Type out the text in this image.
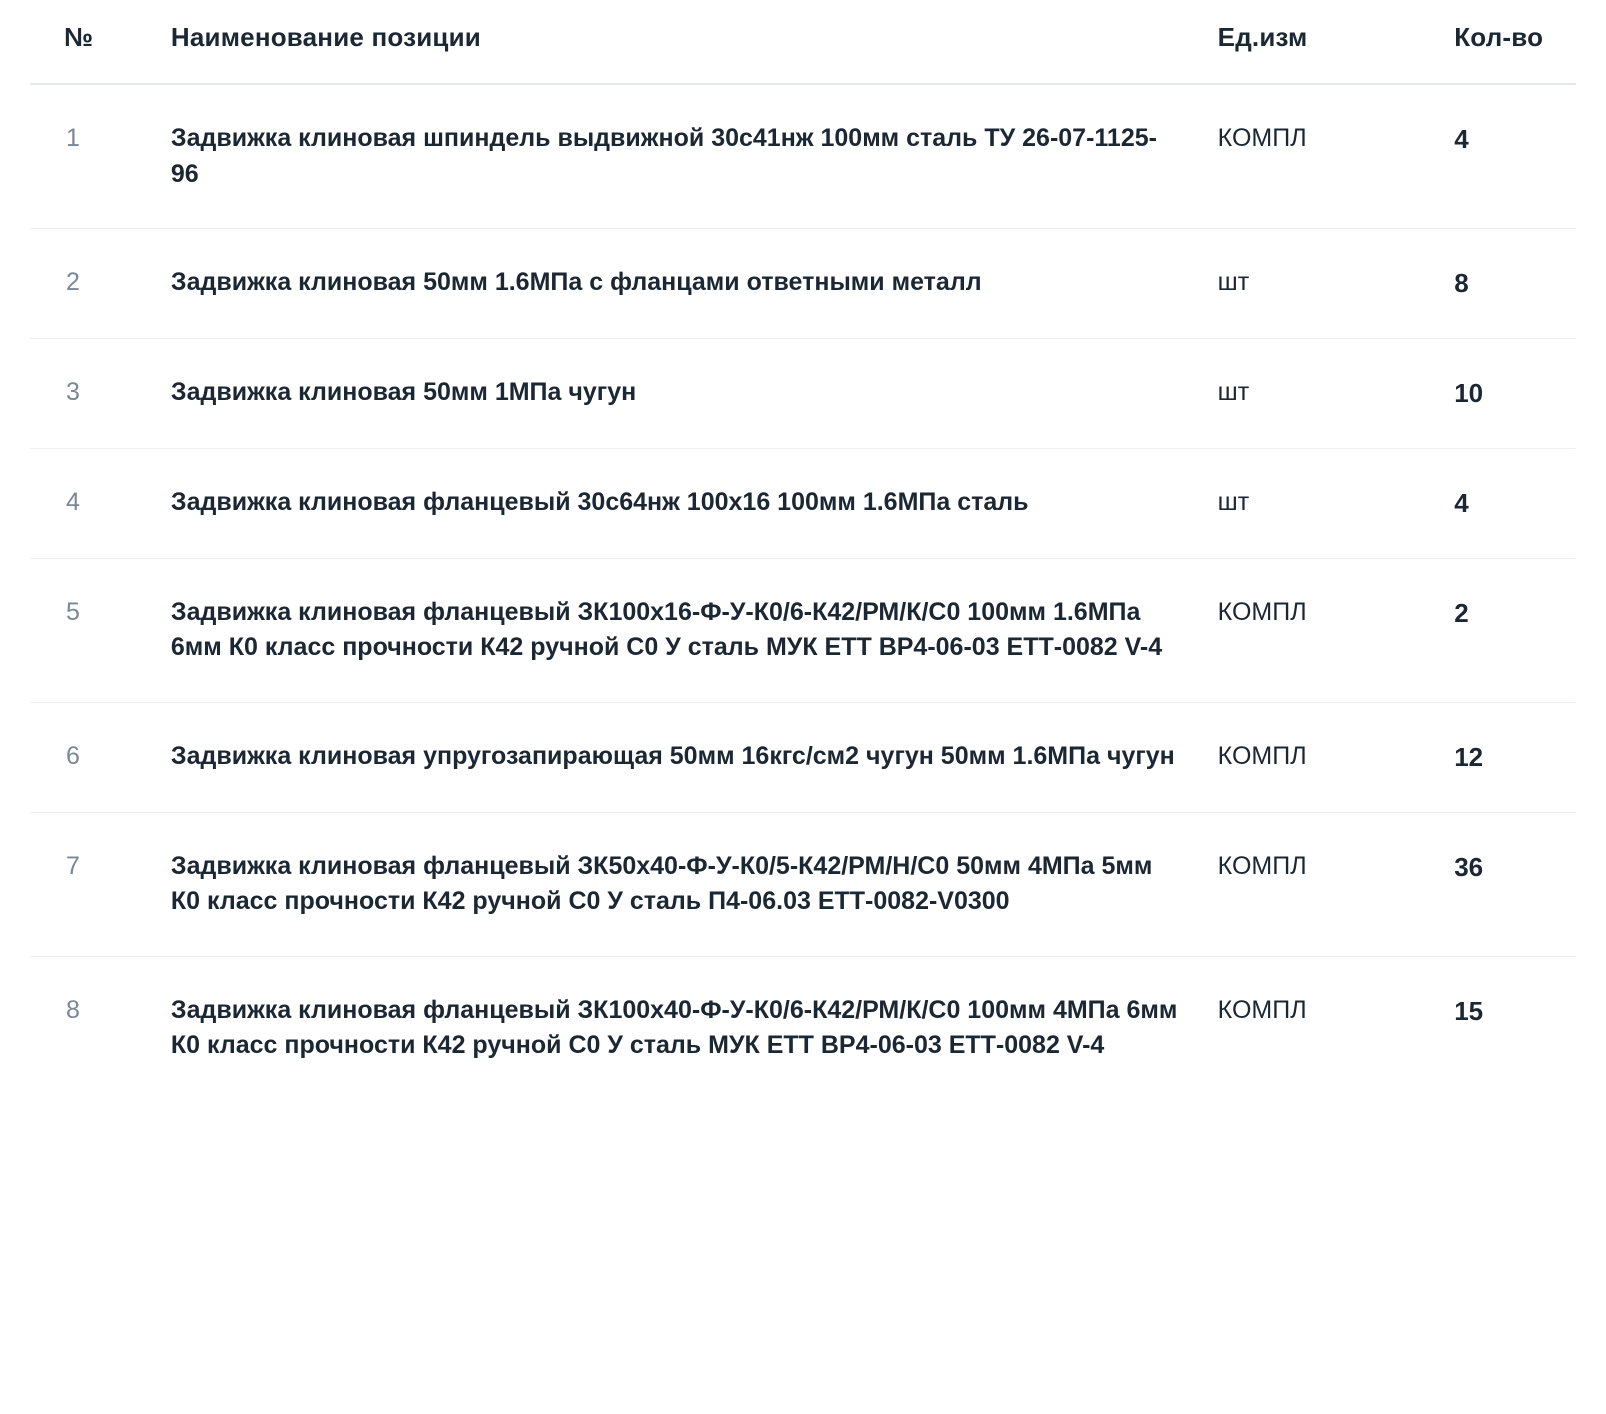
№	Наименование позиции	Ед.изм	Кол-во
1	Задвижка клиновая шпиндель выдвижной 30с41нж 100мм сталь ТУ 26-07-1125-96	КОМПЛ	4
2	Задвижка клиновая 50мм 1.6МПа с фланцами ответными металл	шт	8
3	Задвижка клиновая 50мм 1МПа чугун	шт	10
4	Задвижка клиновая фланцевый 30с64нж 100х16 100мм 1.6МПа сталь	шт	4
5	Задвижка клиновая фланцевый ЗК100х16-Ф-У-К0/6-К42/РМ/К/С0 100мм 1.6МПа 6мм К0 класс прочности К42 ручной С0 У сталь МУК ЕТТ ВР4-06-03 ЕТТ-0082 V-4	КОМПЛ	2
6	Задвижка клиновая упругозапирающая 50мм 16кгс/см2 чугун 50мм 1.6МПа чугун	КОМПЛ	12
7	Задвижка клиновая фланцевый ЗК50х40-Ф-У-К0/5-К42/РМ/Н/С0 50мм 4МПа 5мм К0 класс прочности К42 ручной С0 У сталь П4-06.03 ЕТТ-0082-V0300	КОМПЛ	36
8	Задвижка клиновая фланцевый ЗК100х40-Ф-У-К0/6-К42/РМ/К/С0 100мм 4МПа 6мм К0 класс прочности К42 ручной С0 У сталь МУК ЕТТ ВР4-06-03 ЕТТ-0082 V-4	КОМПЛ	15
